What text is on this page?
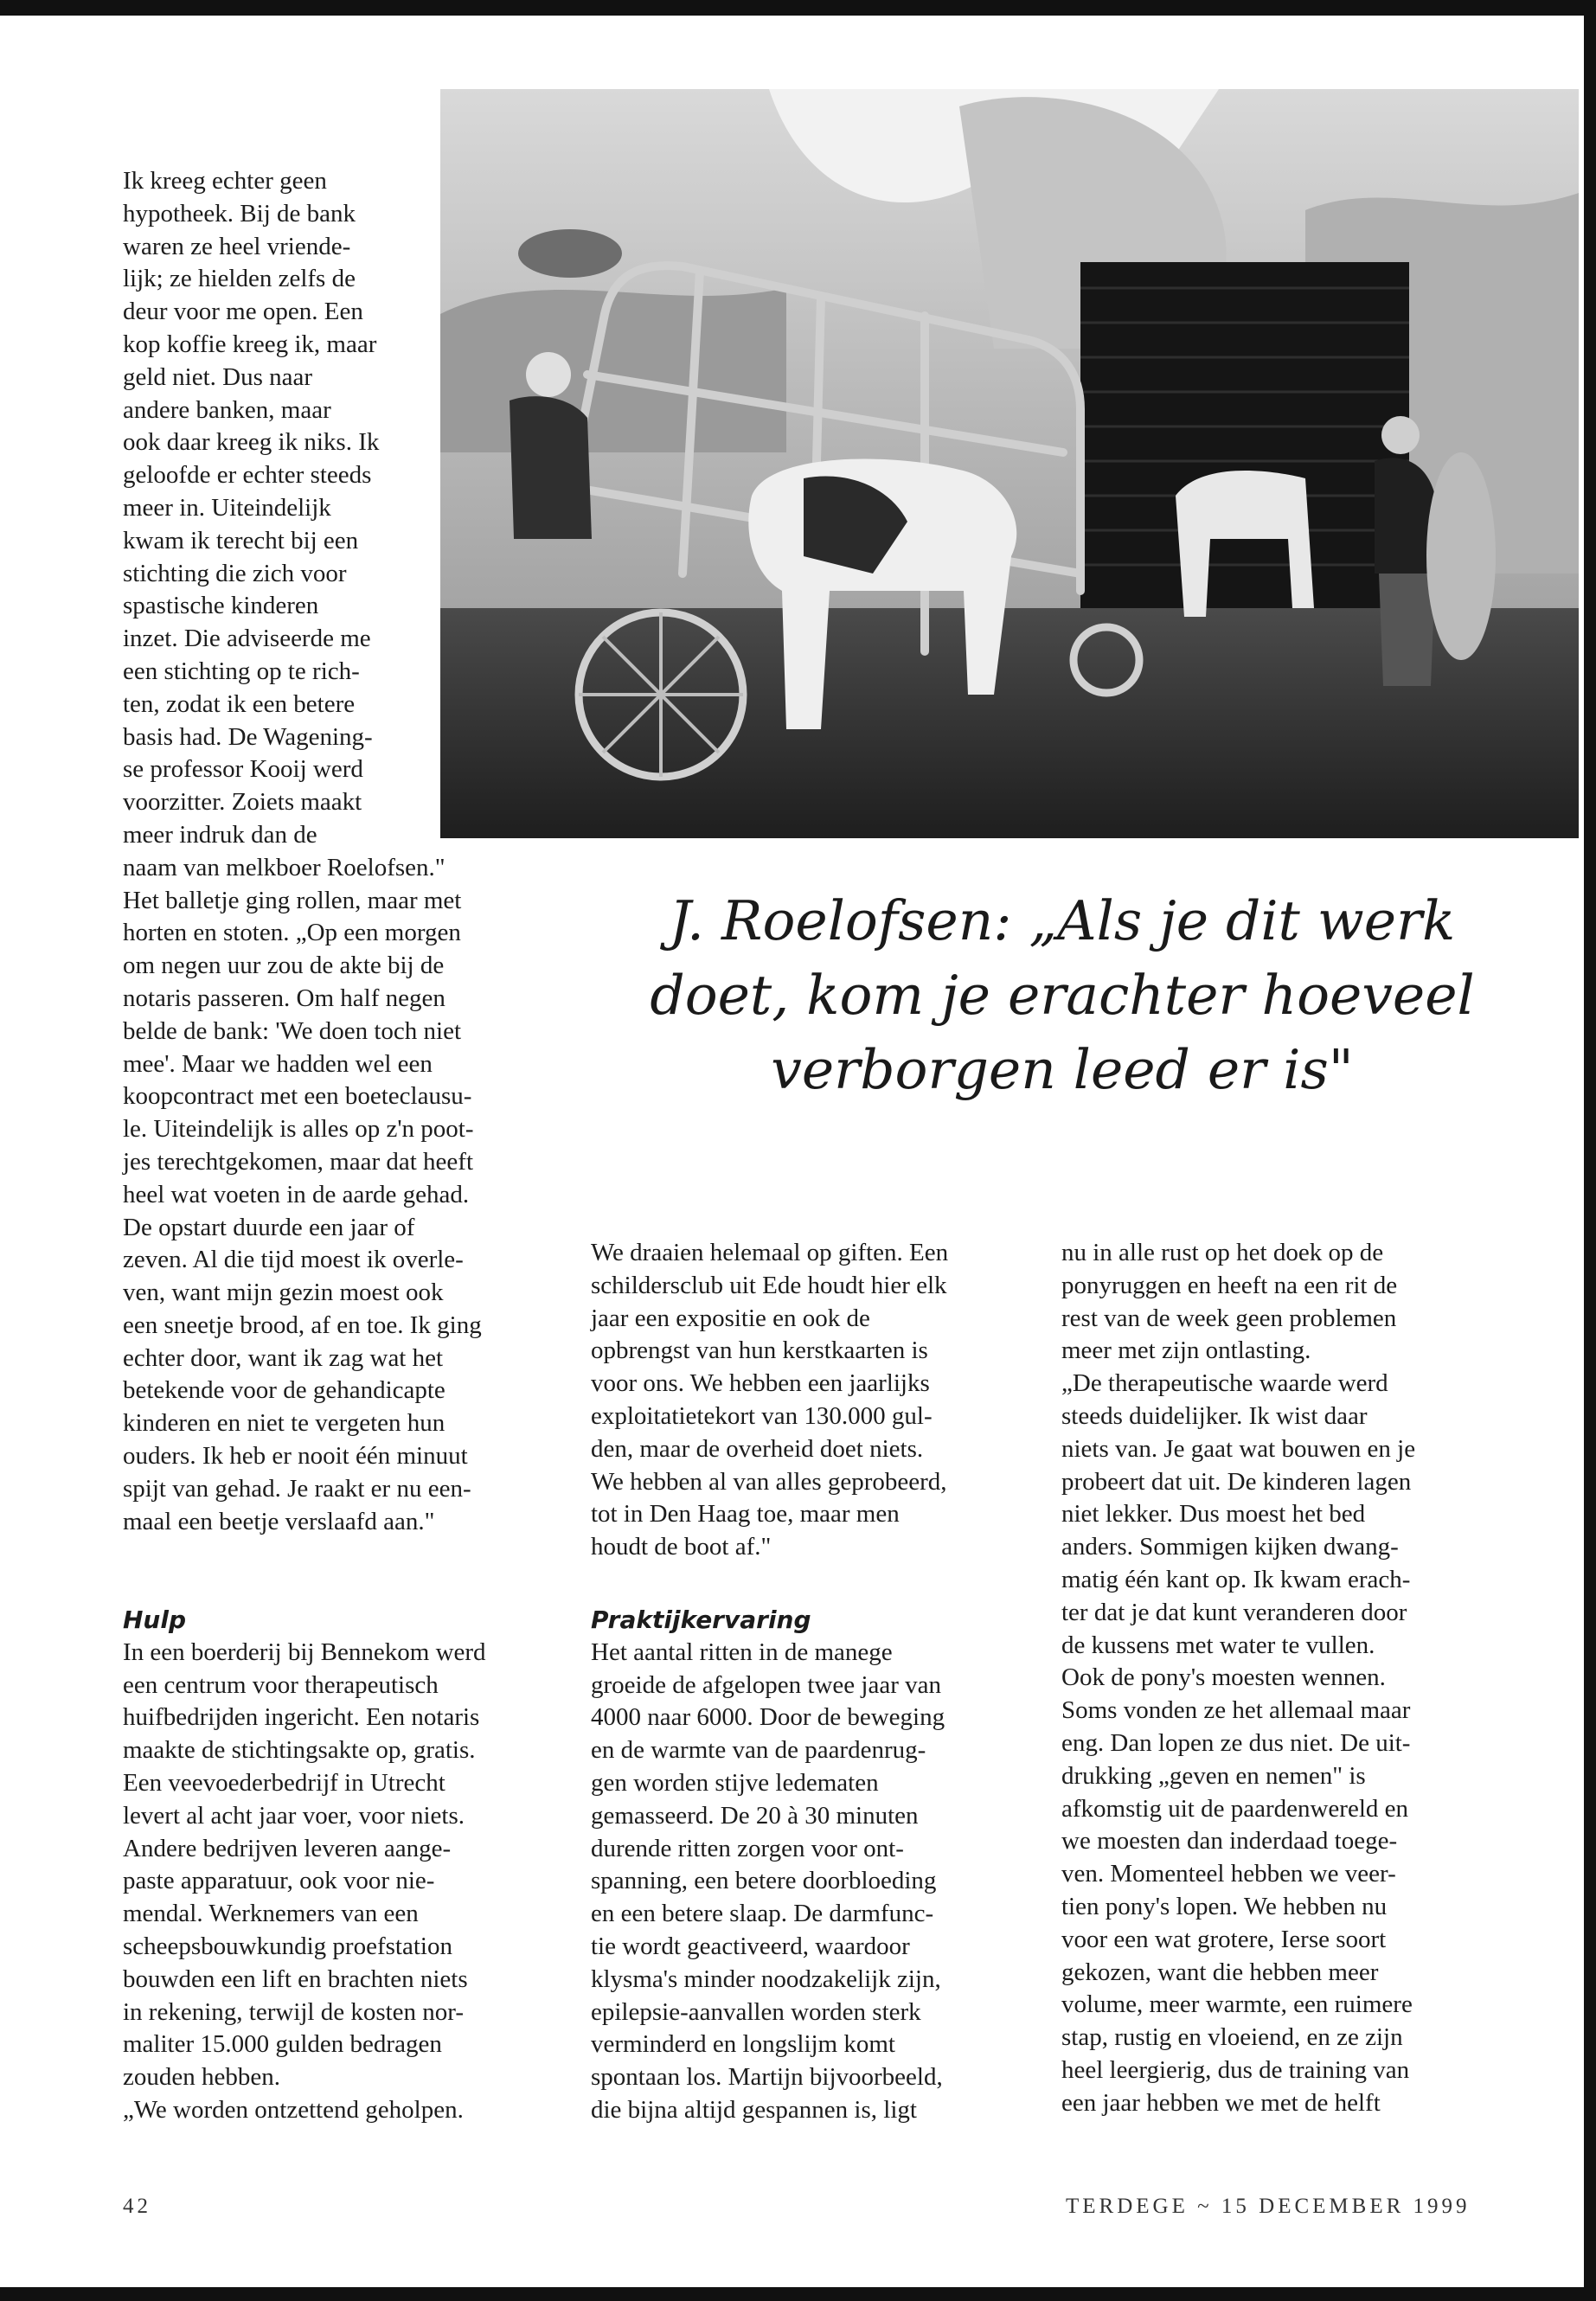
Ik kreeg echter geen

hypotheek. Bij de bank

waren ze heel vriende-

lijk; ze hielden zelfs de

deur voor me open. Een

kop koffie kreeg ik, maar

geld niet. Dus naar

andere banken, maar

ook daar kreeg ik niks. Ik

geloofde er echter steeds

meer in. Uiteindelijk

kwam ik terecht bij een

stichting die zich voor

spastische kinderen

inzet. Die adviseerde me

een stichting op te rich-

ten, zodat ik een betere

basis had. De Wagening-

se professor Kooij werd

voorzitter. Zoiets maakt

meer indruk dan de

naam van melkboer Roelofsen."

Het balletje ging rollen, maar met

horten en stoten. „Op een morgen

om negen uur zou de akte bij de

notaris passeren. Om half negen

belde de bank: 'We doen toch niet

mee'. Maar we hadden wel een

koopcontract met een boeteclausu-

le. Uiteindelijk is alles op z'n poot-

jes terechtgekomen, maar dat heeft

heel wat voeten in de aarde gehad.

De opstart duurde een jaar of

zeven. Al die tijd moest ik overle-

ven, want mijn gezin moest ook

een sneetje brood, af en toe. Ik ging

echter door, want ik zag wat het

betekende voor de gehandicapte

kinderen en niet te vergeten hun

ouders. Ik heb er nooit één minuut

spijt van gehad. Je raakt er nu een-

maal een beetje verslaafd aan."

Hulp

In een boerderij bij Bennekom werd

een centrum voor therapeutisch

huifbedrijden ingericht. Een notaris

maakte de stichtingsakte op, gratis.

Een veevoederbedrijf in Utrecht

levert al acht jaar voer, voor niets.

Andere bedrijven leveren aange-

paste apparatuur, ook voor nie-

mendal. Werknemers van een

scheepsbouwkundig proefstation

bouwden een lift en brachten niets

in rekening, terwijl de kosten nor-

maliter 15.000 gulden bedragen

zouden hebben.

„We worden ontzettend geholpen.

J. Roelofsen: „Als je dit werk

doet, kom je erachter hoeveel

verborgen leed er is"

We draaien helemaal op giften. Een

schildersclub uit Ede houdt hier elk

jaar een expositie en ook de

opbrengst van hun kerstkaarten is

voor ons. We hebben een jaarlijks

exploitatietekort van 130.000 gul-

den, maar de overheid doet niets.

We hebben al van alles geprobeerd,

tot in Den Haag toe, maar men

houdt de boot af."

Praktijkervaring

Het aantal ritten in de manege

groeide de afgelopen twee jaar van

4000 naar 6000. Door de beweging

en de warmte van de paardenrug-

gen worden stijve ledematen

gemasseerd. De 20 à 30 minuten

durende ritten zorgen voor ont-

spanning, een betere doorbloeding

en een betere slaap. De darmfunc-

tie wordt geactiveerd, waardoor

klysma's minder noodzakelijk zijn,

epilepsie-aanvallen worden sterk

verminderd en longslijm komt

spontaan los. Martijn bijvoorbeeld,

die bijna altijd gespannen is, ligt

nu in alle rust op het doek op de

ponyruggen en heeft na een rit de

rest van de week geen problemen

meer met zijn ontlasting.

„De therapeutische waarde werd

steeds duidelijker. Ik wist daar

niets van. Je gaat wat bouwen en je

probeert dat uit. De kinderen lagen

niet lekker. Dus moest het bed

anders. Sommigen kijken dwang-

matig één kant op. Ik kwam erach-

ter dat je dat kunt veranderen door

de kussens met water te vullen.

Ook de pony's moesten wennen.

Soms vonden ze het allemaal maar

eng. Dan lopen ze dus niet. De uit-

drukking „geven en nemen" is

afkomstig uit de paardenwereld en

we moesten dan inderdaad toege-

ven. Momenteel hebben we veer-

tien pony's lopen. We hebben nu

voor een wat grotere, Ierse soort

gekozen, want die hebben meer

volume, meer warmte, een ruimere

stap, rustig en vloeiend, en ze zijn

heel leergierig, dus de training van

een jaar hebben we met de helft

42	TERDEGE ~ 15 DECEMBER 1999
